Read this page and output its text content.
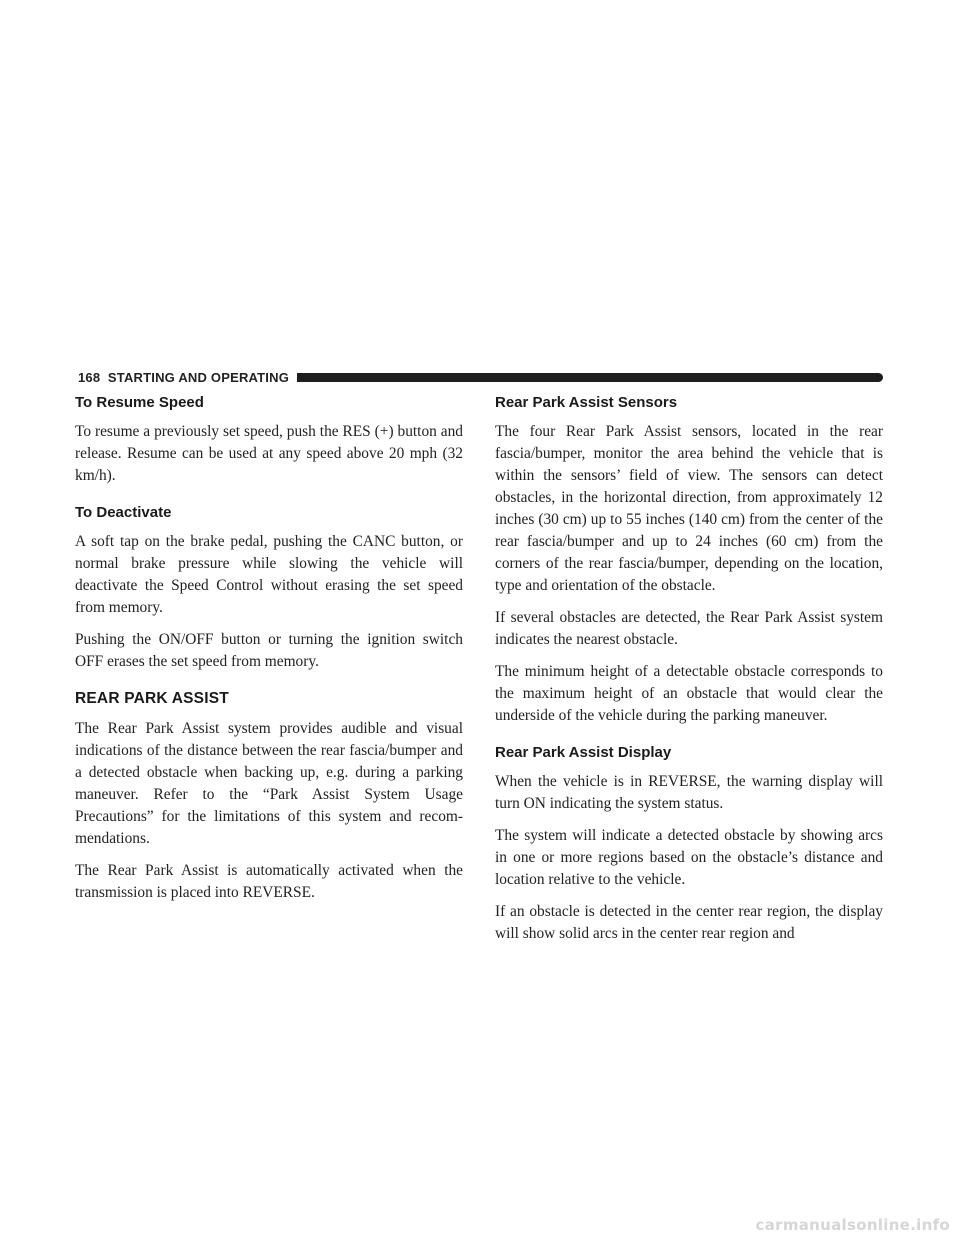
168 STARTING AND OPERATING
To Resume Speed

To resume a previously set speed, push the RES (+) button and release. Resume can be used at any speed above 20 mph (32 km/h).

To Deactivate

A soft tap on the brake pedal, pushing the CANC button, or normal brake pressure while slowing the vehicle will deactivate the Speed Control without erasing the set speed from memory.

Pushing the ON/OFF button or turning the ignition switch OFF erases the set speed from memory.

REAR PARK ASSIST

The Rear Park Assist system provides audible and visual indications of the distance between the rear fascia/bumper and a detected obstacle when backing up, e.g. during a parking maneuver. Refer to the “Park Assist System Usage Precautions” for the limitations of this system and recom-mendations.

The Rear Park Assist is automatically activated when the transmission is placed into REVERSE.

Rear Park Assist Sensors

The four Rear Park Assist sensors, located in the rear fascia/bumper, monitor the area behind the vehicle that is within the sensors’ field of view. The sensors can detect obstacles, in the horizontal direction, from approximately 12 inches (30 cm) up to 55 inches (140 cm) from the center of the rear fascia/bumper and up to 24 inches (60 cm) from the corners of the rear fascia/bumper, depending on the location, type and orientation of the obstacle.

If several obstacles are detected, the Rear Park Assist system indicates the nearest obstacle.

The minimum height of a detectable obstacle corresponds to the maximum height of an obstacle that would clear the underside of the vehicle during the parking maneuver.

Rear Park Assist Display

When the vehicle is in REVERSE, the warning display will turn ON indicating the system status.

The system will indicate a detected obstacle by showing arcs in one or more regions based on the obstacle’s distance and location relative to the vehicle.

If an obstacle is detected in the center rear region, the display will show solid arcs in the center rear region and

carmanualsonline.info
